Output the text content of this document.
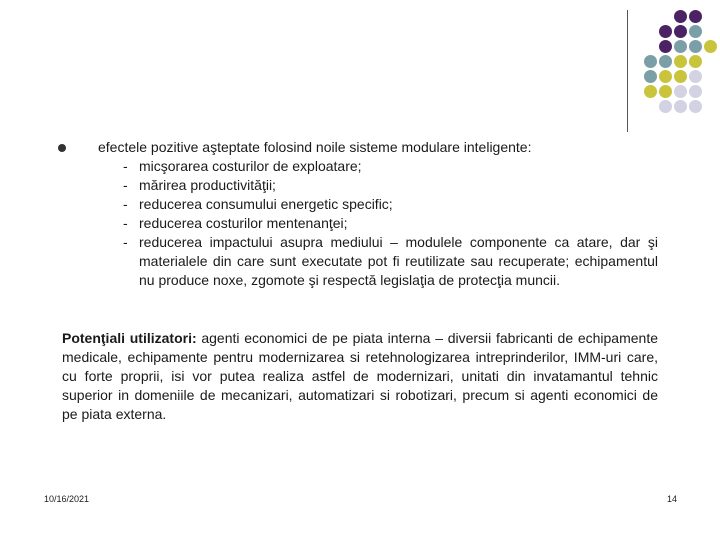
efectele pozitive aşteptate folosind noile sisteme modulare inteligente:
- micşorarea costurilor de exploatare;
- mărirea productivităţii;
- reducerea consumului energetic specific;
- reducerea costurilor mentenanţei;
- reducerea impactului asupra mediului – modulele componente ca atare, dar şi materialele din care sunt executate pot fi reutilizate sau recuperate; echipamentul nu produce noxe, zgomote şi respectă legislaţia de protecţia muncii.
Potenţiali utilizatori: agenti economici de pe piata interna – diversii fabricanti de echipamente medicale, echipamente pentru modernizarea si retehnologizarea intreprinderilor, IMM-uri care, cu forte proprii, isi vor putea realiza astfel de modernizari, unitati din invatamantul tehnic superior in domeniile de mecanizari, automatizari si robotizari, precum si agenti economici de pe piata externa.
10/16/2021	14
